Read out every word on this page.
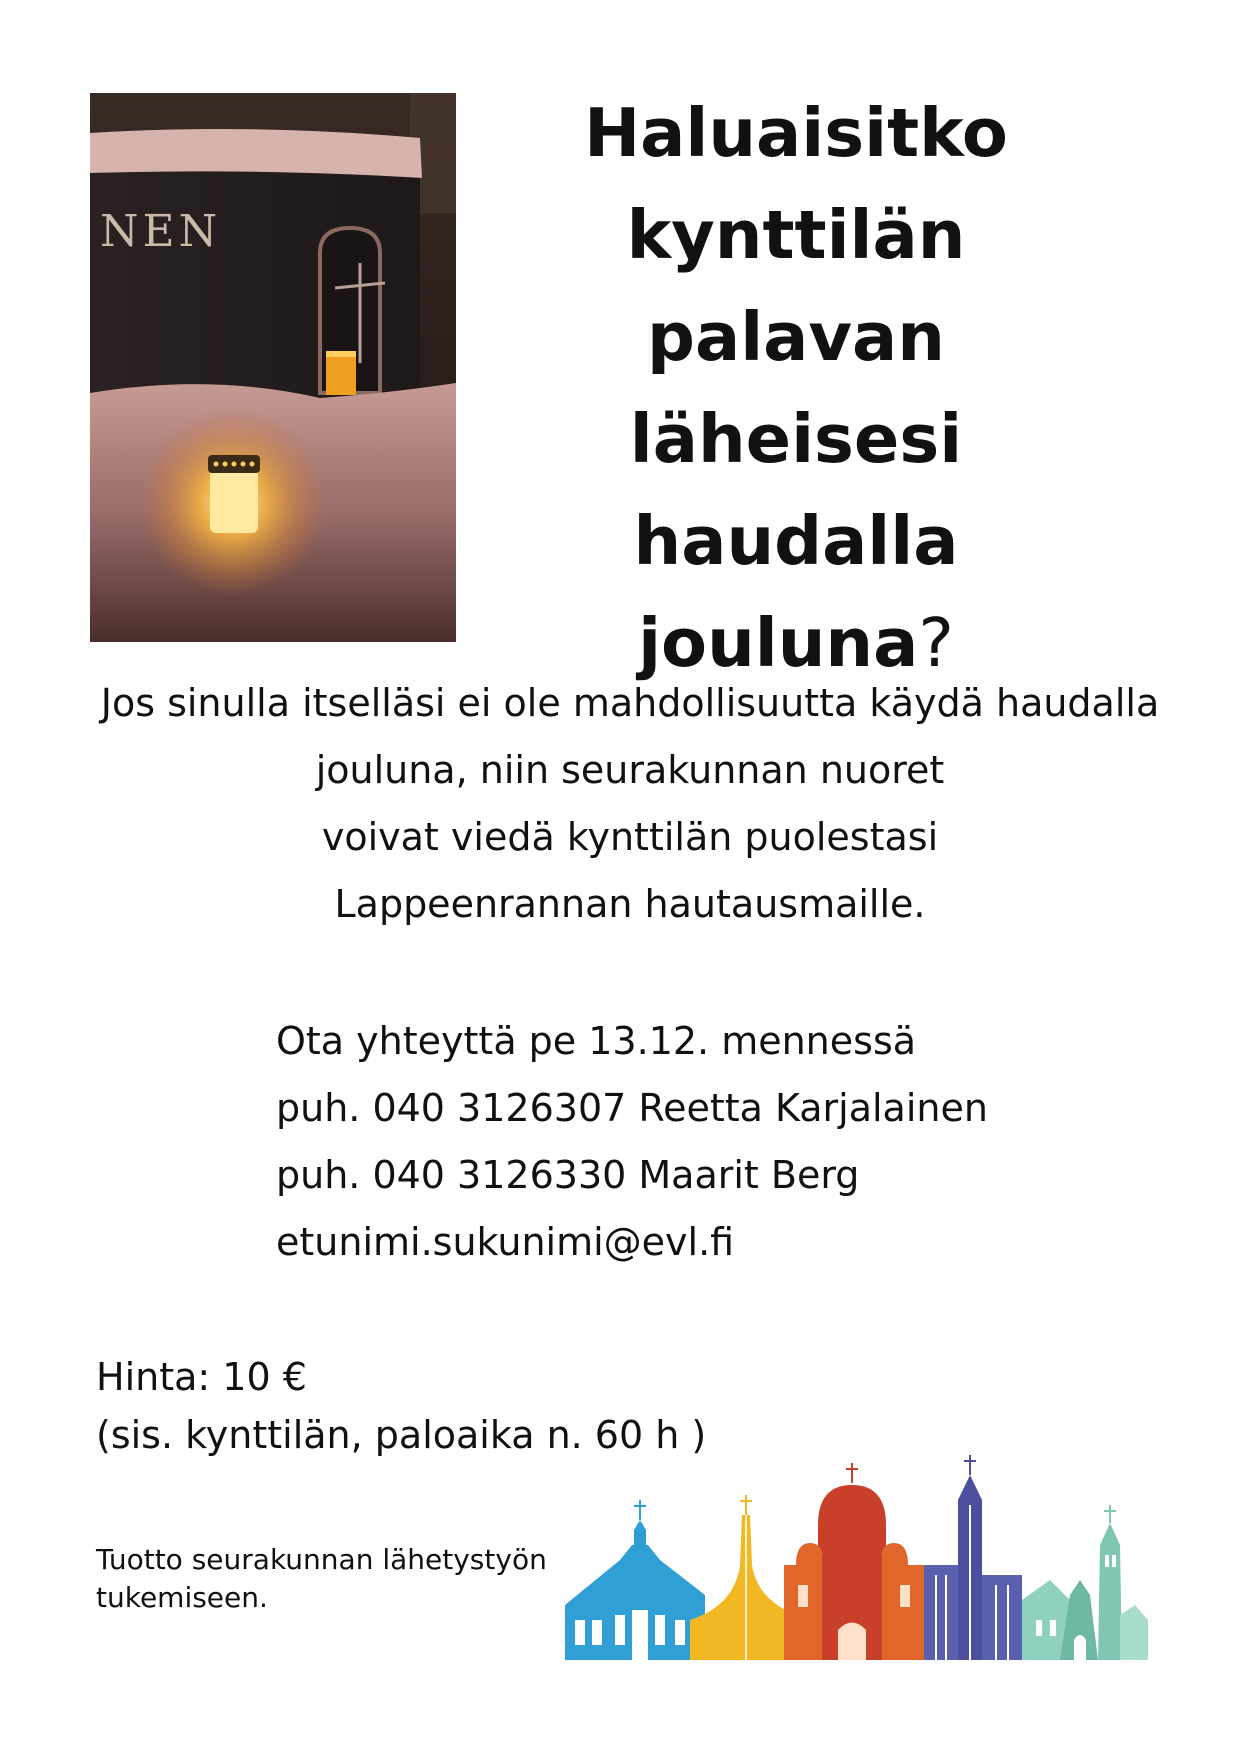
NEN
Haluaisitko
kynttilän
palavan läheisesi
haudalla
jouluna?
Jos sinulla itselläsi ei ole mahdollisuutta käydä haudalla
jouluna, niin seurakunnan nuoret
voivat viedä kynttilän puolestasi
Lappeenrannan hautausmaille.
Ota yhteyttä pe 13.12. mennessä
puh. 040 3126307 Reetta Karjalainen
puh. 040 3126330 Maarit Berg
etunimi.sukunimi@evl.fi
Hinta: 10 €
(sis. kynttilän, paloaika n. 60 h )
Tuotto seurakunnan lähetystyön
tukemiseen.
